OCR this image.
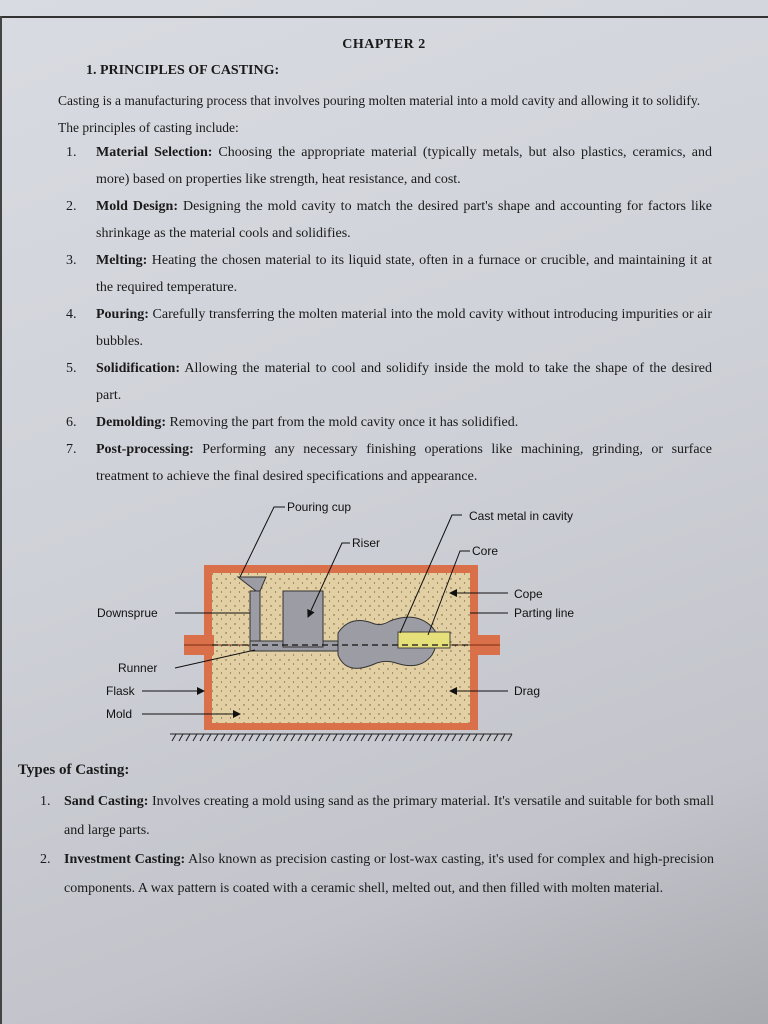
CHAPTER 2
1. PRINCIPLES OF CASTING:
Casting is a manufacturing process that involves pouring molten material into a mold cavity and allowing it to solidify. The principles of casting include:
1. Material Selection: Choosing the appropriate material (typically metals, but also plastics, ceramics, and more) based on properties like strength, heat resistance, and cost.
2. Mold Design: Designing the mold cavity to match the desired part's shape and accounting for factors like shrinkage as the material cools and solidifies.
3. Melting: Heating the chosen material to its liquid state, often in a furnace or crucible, and maintaining it at the required temperature.
4. Pouring: Carefully transferring the molten material into the mold cavity without introducing impurities or air bubbles.
5. Solidification: Allowing the material to cool and solidify inside the mold to take the shape of the desired part.
6. Demolding: Removing the part from the mold cavity once it has solidified.
7. Post-processing: Performing any necessary finishing operations like machining, grinding, or surface treatment to achieve the final desired specifications and appearance.
Pouring cup
Cast metal in cavity
Riser
Core
Downsprue
Cope
Parting line
Runner
Flask	Drag
Mold
Types of Casting:
1. Sand Casting: Involves creating a mold using sand as the primary material. It's versatile and suitable for both small and large parts.
2. Investment Casting: Also known as precision casting or lost-wax casting, it's used for complex and high-precision components. A wax pattern is coated with a ceramic shell, melted out, and then filled with molten material.
